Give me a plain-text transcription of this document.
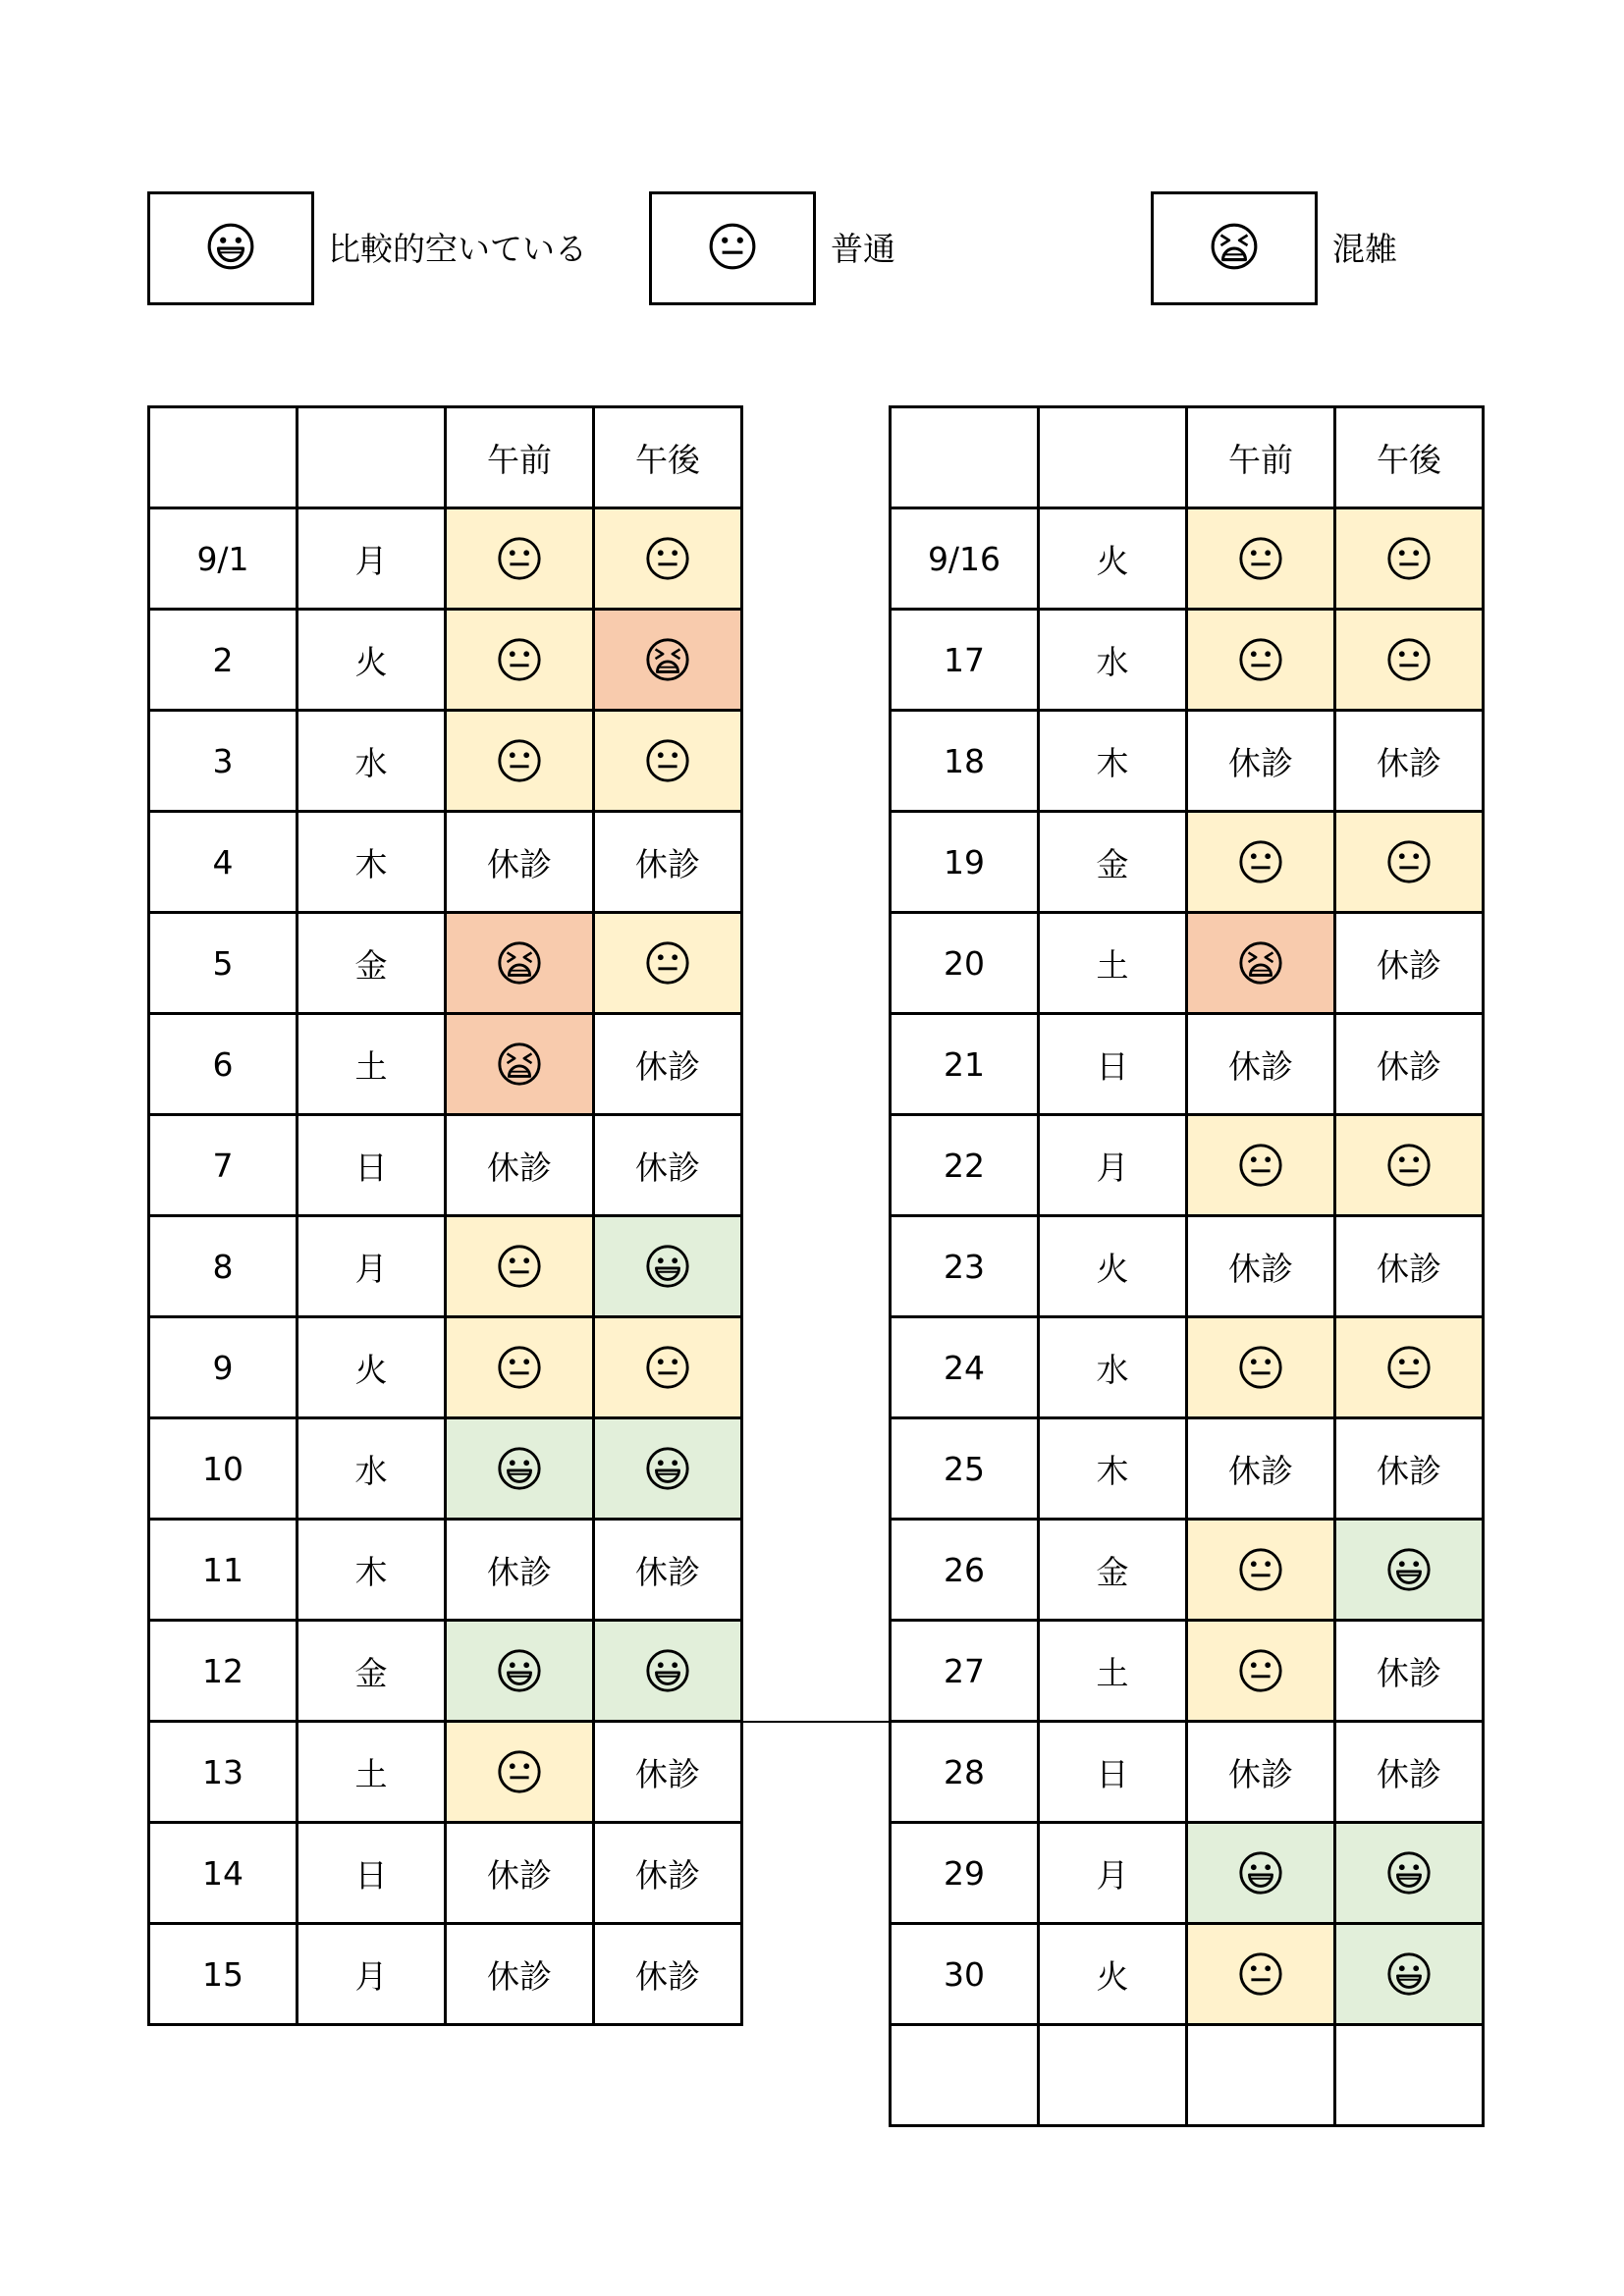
比較的空いている	普通	混雑
		午前	午後
9/1	月	

2	火	

3	水	

4	木	休診	休診
5	金	

6	土		休診
7	日	休診	休診
8	月	

9	火	

10	水	

11	木	休診	休診
12	金	

13	土		休診
14	日	休診	休診
15	月	休診	休診
		午前	午後
9/16	火	

17	水	

18	木	休診	休診
19	金	

20	土		休診
21	日	休診	休診
22	月	

23	火	休診	休診
24	水	

25	木	休診	休診
26	金	

27	土		休診
28	日	休診	休診
29	月	

30	火	
